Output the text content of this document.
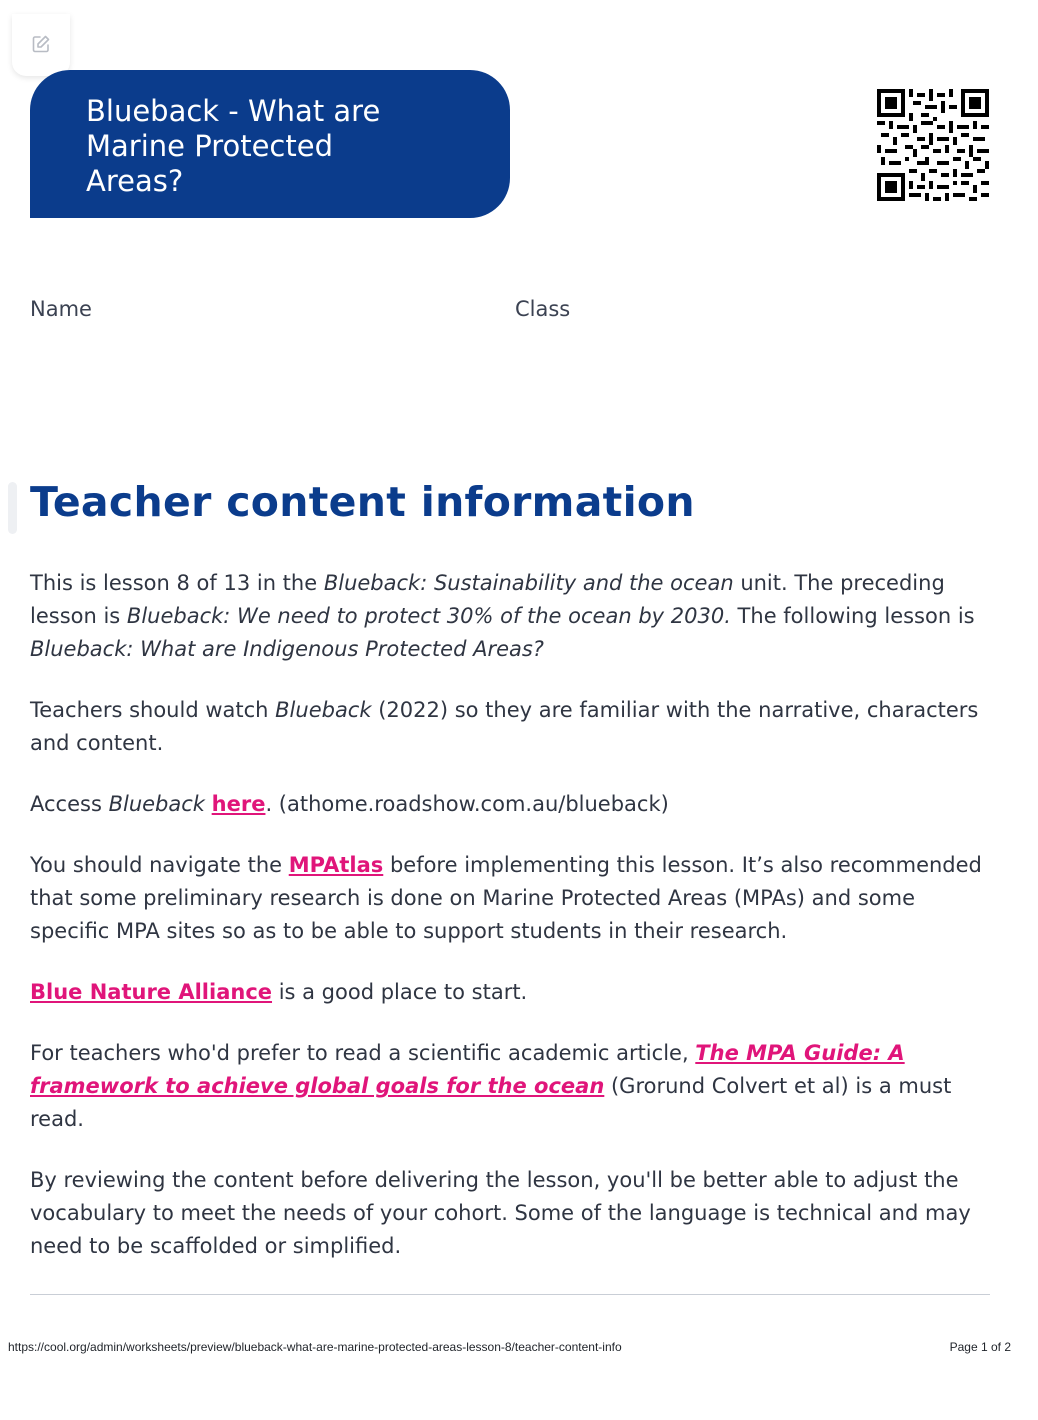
Blueback - What are Marine Protected Areas?
Name	Class
Teacher content information

This is lesson 8 of 13 in the Blueback: Sustainability and the ocean unit. The preceding lesson is Blueback: We need to protect 30% of the ocean by 2030. The following lesson is Blueback: What are Indigenous Protected Areas?

Teachers should watch Blueback (2022) so they are familiar with the narrative, characters and content.

Access Blueback here. (athome.roadshow.com.au/blueback)

You should navigate the MPAtlas before implementing this lesson. It’s also recommended that some preliminary research is done on Marine Protected Areas (MPAs) and some specific MPA sites so as to be able to support students in their research.

Blue Nature Alliance is a good place to start.

For teachers who'd prefer to read a scientific academic article, The MPA Guide: A framework to achieve global goals for the ocean (Grorund Colvert et al) is a must read.

By reviewing the content before delivering the lesson, you'll be better able to adjust the vocabulary to meet the needs of your cohort. Some of the language is technical and may need to be scaffolded or simplified.

https://cool.org/admin/worksheets/preview/blueback-what-are-marine-protected-areas-lesson-8/teacher-content-info	Page 1 of 2
